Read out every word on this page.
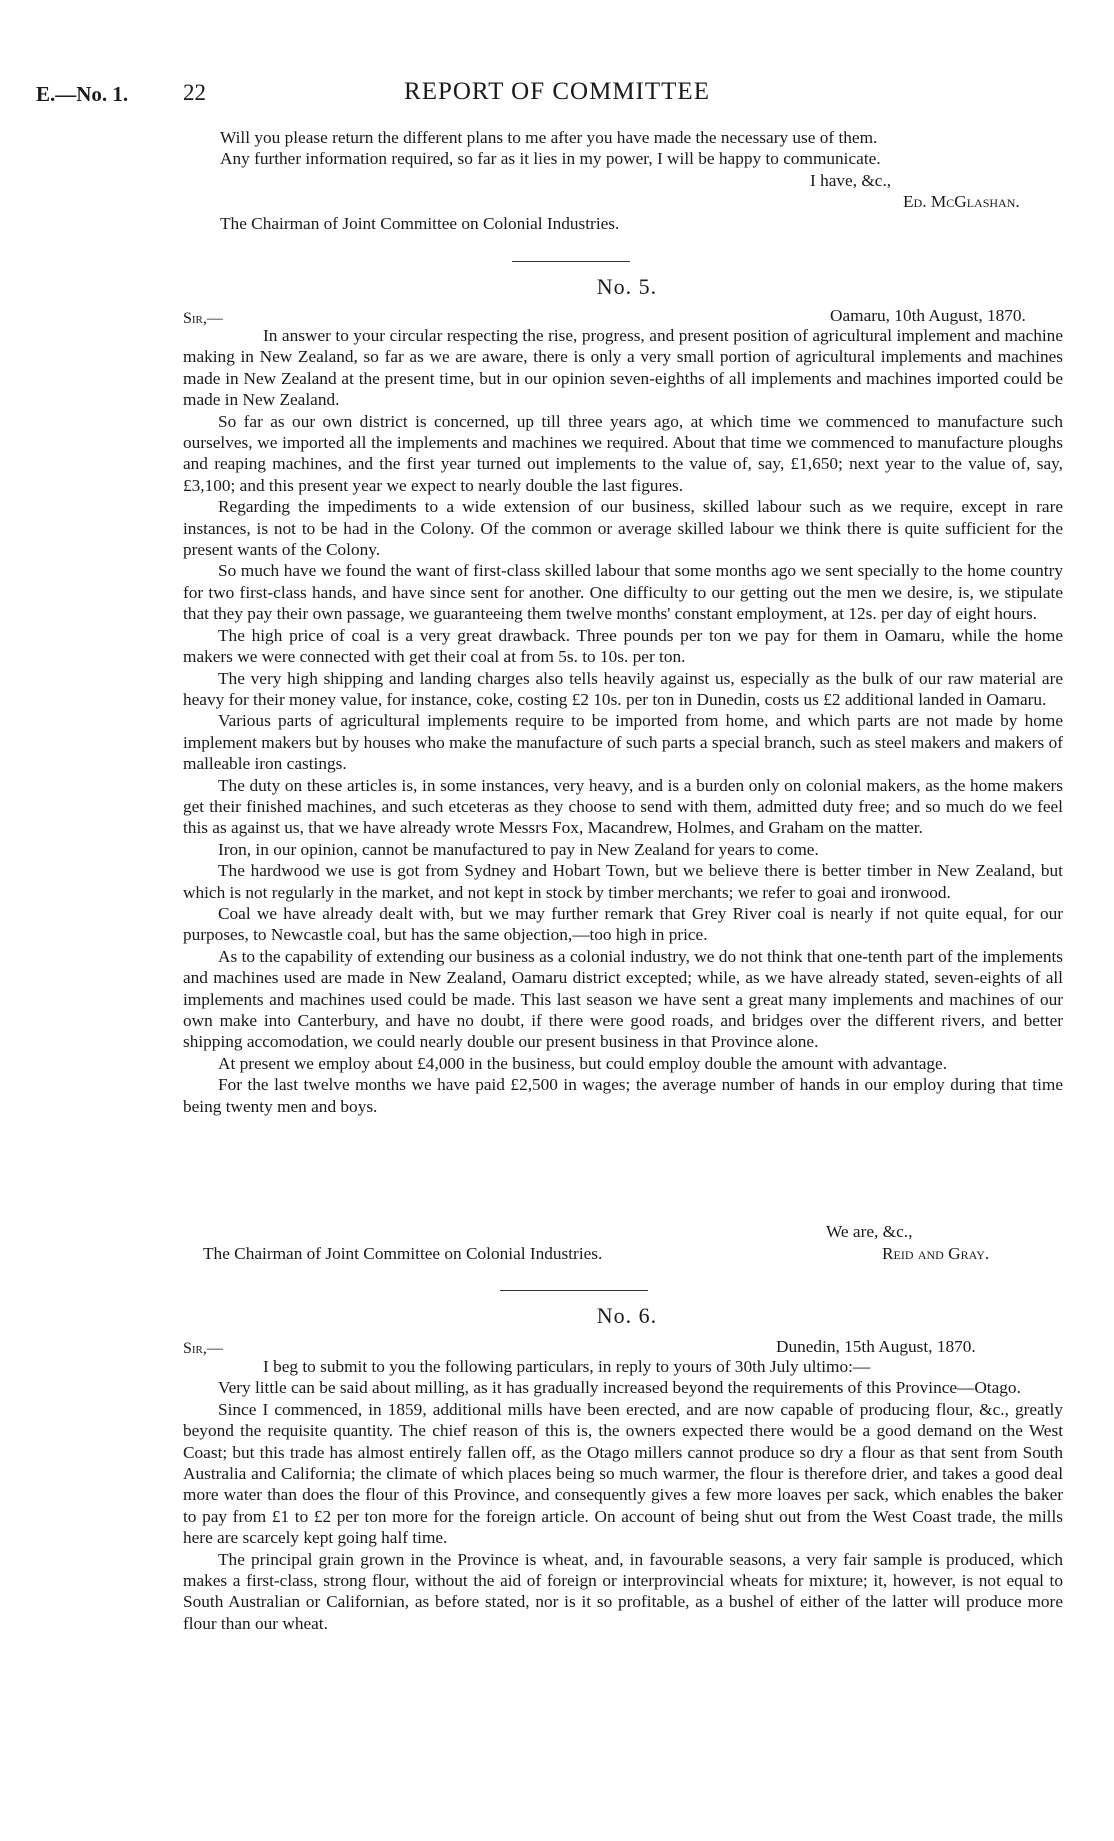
E.—No. 1. 22	REPORT OF COMMITTEE
Will you please return the different plans to me after you have made the necessary use of them.
Any further information required, so far as it lies in my power, I will be happy to communicate.
I have, &c.,
Ed. McGlashan.
The Chairman of Joint Committee on Colonial Industries.
No. 5.
Sir,—	Oamaru, 10th August, 1870.

In answer to your circular respecting the rise, progress, and present position of agricultural implement and machine making in New Zealand, so far as we are aware, there is only a very small portion of agricultural implements and machines made in New Zealand at the present time, but in our opinion seven-eighths of all implements and machines imported could be made in New Zealand.

So far as our own district is concerned, up till three years ago, at which time we commenced to manufacture such ourselves, we imported all the implements and machines we required. About that time we commenced to manufacture ploughs and reaping machines, and the first year turned out implements to the value of, say, £1,650; next year to the value of, say, £3,100; and this present year we expect to nearly double the last figures.

Regarding the impediments to a wide extension of our business, skilled labour such as we require, except in rare instances, is not to be had in the Colony. Of the common or average skilled labour we think there is quite sufficient for the present wants of the Colony.

So much have we found the want of first-class skilled labour that some months ago we sent specially to the home country for two first-class hands, and have since sent for another. One difficulty to our getting out the men we desire, is, we stipulate that they pay their own passage, we guaranteeing them twelve months' constant employment, at 12s. per day of eight hours.

The high price of coal is a very great drawback. Three pounds per ton we pay for them in Oamaru, while the home makers we were connected with get their coal at from 5s. to 10s. per ton.

The very high shipping and landing charges also tells heavily against us, especially as the bulk of our raw material are heavy for their money value, for instance, coke, costing £2 10s. per ton in Dunedin, costs us £2 additional landed in Oamaru.

Various parts of agricultural implements require to be imported from home, and which parts are not made by home implement makers but by houses who make the manufacture of such parts a special branch, such as steel makers and makers of malleable iron castings.

The duty on these articles is, in some instances, very heavy, and is a burden only on colonial makers, as the home makers get their finished machines, and such etceteras as they choose to send with them, admitted duty free; and so much do we feel this as against us, that we have already wrote Messrs Fox, Macandrew, Holmes, and Graham on the matter.

Iron, in our opinion, cannot be manufactured to pay in New Zealand for years to come.

The hardwood we use is got from Sydney and Hobart Town, but we believe there is better timber in New Zealand, but which is not regularly in the market, and not kept in stock by timber merchants; we refer to goai and ironwood.

Coal we have already dealt with, but we may further remark that Grey River coal is nearly if not quite equal, for our purposes, to Newcastle coal, but has the same objection,—too high in price.

As to the capability of extending our business as a colonial industry, we do not think that one-tenth part of the implements and machines used are made in New Zealand, Oamaru district excepted; while, as we have already stated, seven-eights of all implements and machines used could be made. This last season we have sent a great many implements and machines of our own make into Canterbury, and have no doubt, if there were good roads, and bridges over the different rivers, and better shipping accomodation, we could nearly double our present business in that Province alone.

At present we employ about £4,000 in the business, but could employ double the amount with advantage.

For the last twelve months we have paid £2,500 in wages; the average number of hands in our employ during that time being twenty men and boys.

We are, &c.,
The Chairman of Joint Committee on Colonial Industries.	Reid and Gray.
No. 6.
Sir,—	Dunedin, 15th August, 1870.

I beg to submit to you the following particulars, in reply to yours of 30th July ultimo:—

Very little can be said about milling, as it has gradually increased beyond the requirements of this Province—Otago.

Since I commenced, in 1859, additional mills have been erected, and are now capable of producing flour, &c., greatly beyond the requisite quantity. The chief reason of this is, the owners expected there would be a good demand on the West Coast; but this trade has almost entirely fallen off, as the Otago millers cannot produce so dry a flour as that sent from South Australia and California; the climate of which places being so much warmer, the flour is therefore drier, and takes a good deal more water than does the flour of this Province, and consequently gives a few more loaves per sack, which enables the baker to pay from £1 to £2 per ton more for the foreign article. On account of being shut out from the West Coast trade, the mills here are scarcely kept going half time.

The principal grain grown in the Province is wheat, and, in favourable seasons, a very fair sample is produced, which makes a first-class, strong flour, without the aid of foreign or interprovincial wheats for mixture; it, however, is not equal to South Australian or Californian, as before stated, nor is it so profitable, as a bushel of either of the latter will produce more flour than our wheat.
